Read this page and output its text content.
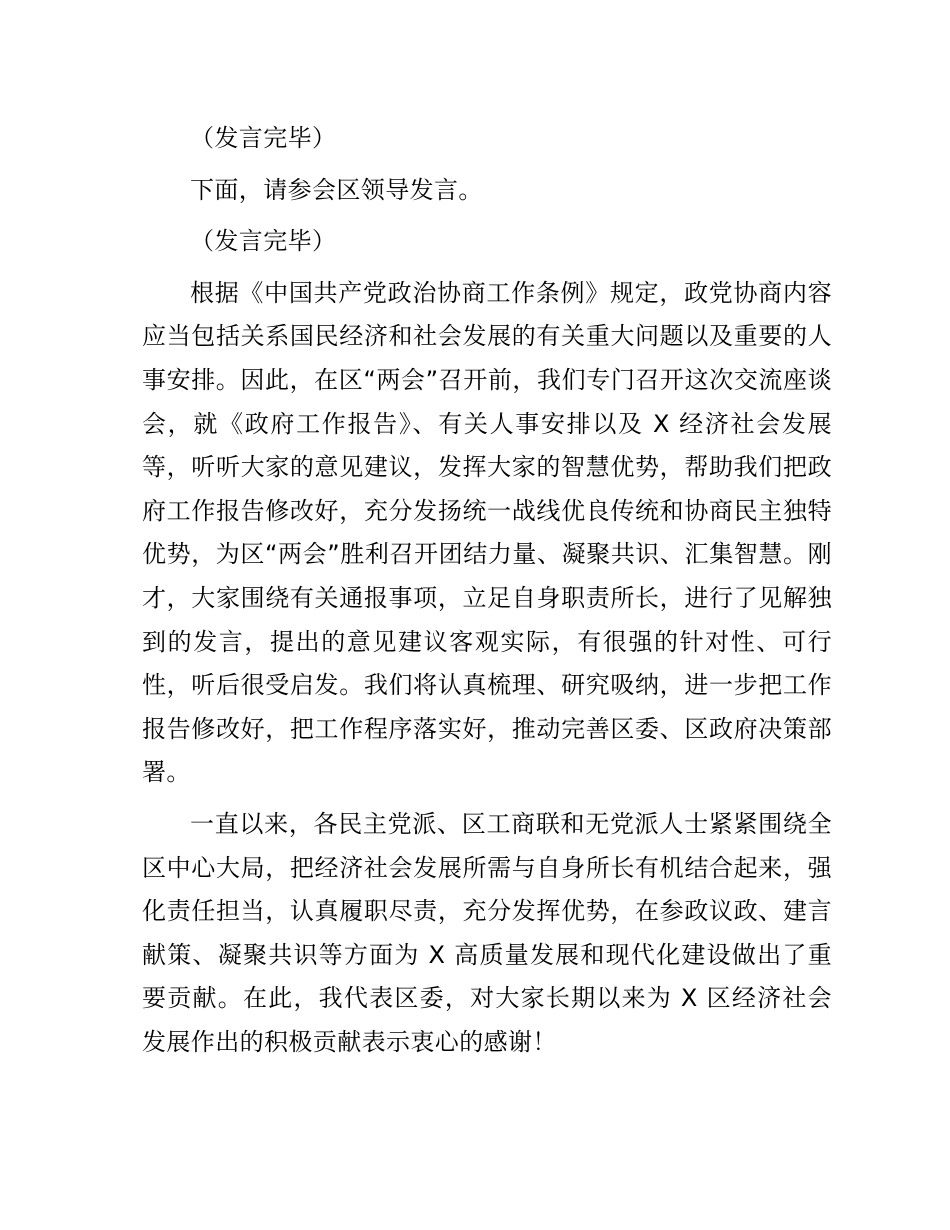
（发言完毕）

下面，请参会区领导发言。

（发言完毕）

根据《中国共产党政治协商工作条例》规定，政党协商内容应当包括关系国民经济和社会发展的有关重大问题以及重要的人事安排。因此，在区“两会”召开前，我们专门召开这次交流座谈会，就《政府工作报告》、有关人事安排以及 X 经济社会发展等，听听大家的意见建议，发挥大家的智慧优势，帮助我们把政府工作报告修改好，充分发扬统一战线优良传统和协商民主独特优势，为区“两会”胜利召开团结力量、凝聚共识、汇集智慧。刚才，大家围绕有关通报事项，立足自身职责所长，进行了见解独到的发言，提出的意见建议客观实际，有很强的针对性、可行性，听后很受启发。我们将认真梳理、研究吸纳，进一步把工作报告修改好，把工作程序落实好，推动完善区委、区政府决策部署。

一直以来，各民主党派、区工商联和无党派人士紧紧围绕全区中心大局，把经济社会发展所需与自身所长有机结合起来，强化责任担当，认真履职尽责，充分发挥优势，在参政议政、建言献策、凝聚共识等方面为 X 高质量发展和现代化建设做出了重要贡献。在此，我代表区委，对大家长期以来为 X 区经济社会发展作出的积极贡献表示衷心的感谢！
